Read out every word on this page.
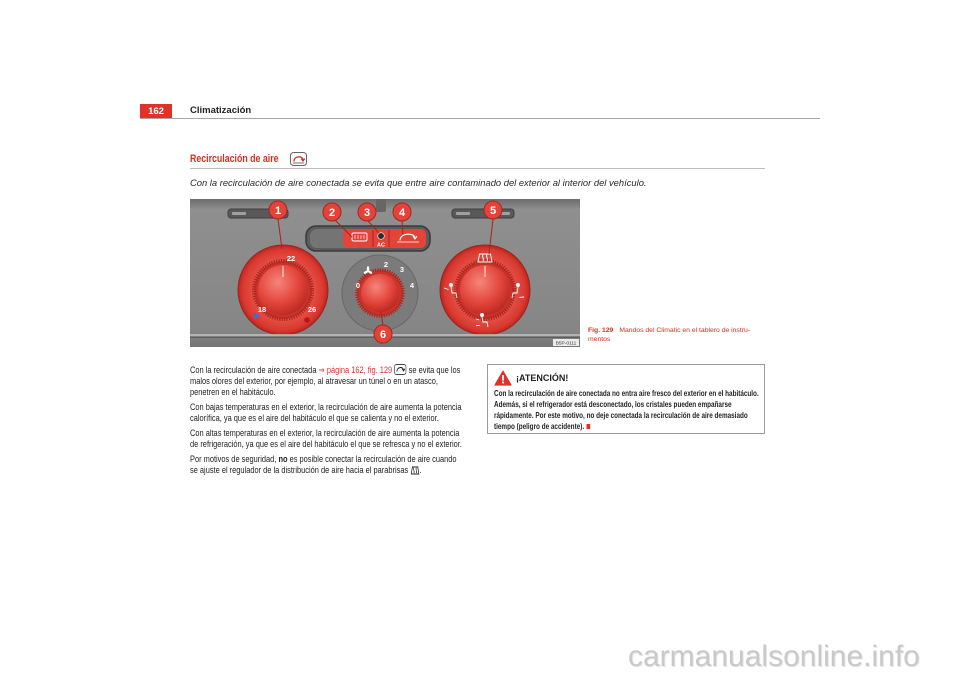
162	Climatización
Recirculación de aire
Con la recirculación de aire conectada se evita que entre aire contaminado del exterior al interior del vehículo.
AC
22
18	26
0
2
3
4
B5P-0111
1	2	3	4	5
6	Fig. 129 Mandos del Climatic en el tablero de instru-
mentos

Con la recirculación de aire conectada ⇒ página 162, fig. 129 se evita que los malos olores del exterior, por ejemplo, al atravesar un túnel o en un atasco, penetren en el habitáculo.

Con bajas temperaturas en el exterior, la recirculación de aire aumenta la potencia calorífica, ya que es el aire del habitáculo el que se calienta y no el exterior.

Con altas temperaturas en el exterior, la recirculación de aire aumenta la potencia de refrigeración, ya que es el aire del habitáculo el que se refresca y no el exterior.

Por motivos de seguridad, no es posible conectar la recirculación de aire cuando se ajuste el regulador de la distribución de aire hacia el parabrisas .

¡ATENCIÓN!
Con la recirculación de aire conectada no entra aire fresco del exterior en el habitáculo. Además, si el refrigerador está desconectado, los cristales pueden empañarse rápidamente. Por este motivo, no deje conectada la recirculación de aire demasiado tiempo (peligro de accidente).
carmanualsonline.info
